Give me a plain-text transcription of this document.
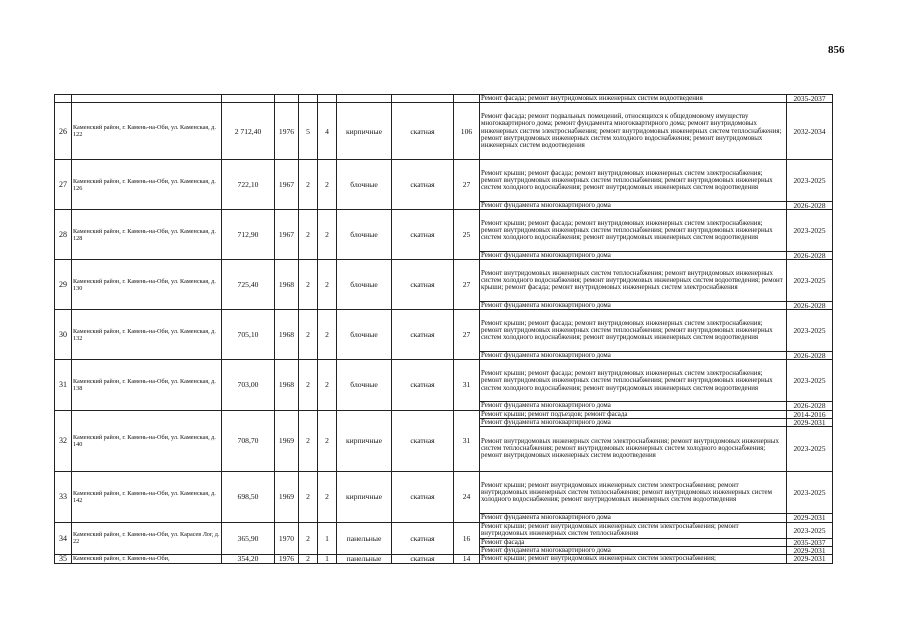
856
									Ремонт фасада; ремонт внутридомовых инженерных систем водоотведения	2035-2037
26	Каменский район, г. Камень-на-Оби, ул. Каменская, д. 122	2 712,40	1976	5	4	кирпичные	скатная	106	Ремонт фасада; ремонт подвальных помещений, относящихся к общедомовому имуществу многоквартирного дома; ремонт фундамента многоквартирного дома; ремонт внутридомовых инженерных систем электроснабжения; ремонт внутридомовых инженерных систем теплоснабжения; ремонт внутридомовых инженерных систем холодного водоснабжения; ремонт внутридомовых инженерных систем водоотведения	2032-2034
27	Каменский район, г. Камень-на-Оби, ул. Каменская, д. 126	722,10	1967	2	2	блочные	скатная	27	Ремонт крыши; ремонт фасада; ремонт внутридомовых инженерных систем электроснабжения; ремонт внутридомовых инженерных систем теплоснабжения; ремонт внутридомовых инженерных систем холодного водоснабжения; ремонт внутридомовых инженерных систем водоотведения	2023-2025
									Ремонт фундамента многоквартирного дома	2026-2028
28	Каменский район, г. Камень-на-Оби, ул. Каменская, д. 128	712,90	1967	2	2	блочные	скатная	25	Ремонт крыши; ремонт фасада; ремонт внутридомовых инженерных систем электроснабжения; ремонт внутридомовых инженерных систем теплоснабжения; ремонт внутридомовых инженерных систем холодного водоснабжения; ремонт внутридомовых инженерных систем водоотведения	2023-2025
									Ремонт фундамента многоквартирного дома	2026-2028
29	Каменский район, г. Камень-на-Оби, ул. Каменская, д. 130	725,40	1968	2	2	блочные	скатная	27	Ремонт внутридомовых инженерных систем теплоснабжения; ремонт внутридомовых инженерных систем холодного водоснабжения; ремонт внутридомовых инженерных систем водоотведения; ремонт крыши; ремонт фасада; ремонт внутридомовых инженерных систем электроснабжения	2023-2025
									Ремонт фундамента многоквартирного дома	2026-2028
30	Каменский район, г. Камень-на-Оби, ул. Каменская, д. 132	705,10	1968	2	2	блочные	скатная	27	Ремонт крыши; ремонт фасада; ремонт внутридомовых инженерных систем электроснабжения; ремонт внутридомовых инженерных систем теплоснабжения; ремонт внутридомовых инженерных систем холодного водоснабжения; ремонт внутридомовых инженерных систем водоотведения	2023-2025
									Ремонт фундамента многоквартирного дома	2026-2028
31	Каменский район, г. Камень-на-Оби, ул. Каменская, д. 138	703,00	1968	2	2	блочные	скатная	31	Ремонт крыши; ремонт фасада; ремонт внутридомовых инженерных систем электроснабжения; ремонт внутридомовых инженерных систем теплоснабжения; ремонт внутридомовых инженерных систем холодного водоснабжения; ремонт внутридомовых инженерных систем водоотведения	2023-2025
									Ремонт фундамента многоквартирного дома	2026-2028
32	Каменский район, г. Камень-на-Оби, ул. Каменская, д. 140	708,70	1969	2	2	кирпичные	скатная	31	Ремонт крыши; ремонт подъездов; ремонт фасада	2014-2016
									Ремонт фундамента многоквартирного дома	2029-2031
									Ремонт внутридомовых инженерных систем электроснабжения; ремонт внутридомовых инженерных систем теплоснабжения; ремонт внутридомовых инженерных систем холодного водоснабжения; ремонт внутридомовых инженерных систем водоотведения	2023-2025
33	Каменский район, г. Камень-на-Оби, ул. Каменская, д. 142	698,50	1969	2	2	кирпичные	скатная	24	Ремонт крыши; ремонт внутридомовых инженерных систем электроснабжения; ремонт внутридомовых инженерных систем теплоснабжения; ремонт внутридомовых инженерных систем холодного водоснабжения; ремонт внутридомовых инженерных систем водоотведения	2023-2025
									Ремонт фундамента многоквартирного дома	2029-2031
34	Каменский район, г. Камень-на-Оби, ул. Карасев Лог, д. 22	365,90	1970	2	1	панельные	скатная	16	Ремонт крыши; ремонт внутридомовых инженерных систем электроснабжения; ремонт внутридомовых инженерных систем теплоснабжения	2023-2025
									Ремонт фасада	2035-2037
									Ремонт фундамента многоквартирного дома	2029-2031
35	Каменский район, г. Камень-на-Оби,	354,20	1976	2	1	панельные	скатная	14	Ремонт крыши; ремонт внутридомовых инженерных систем электроснабжения;	2029-2031
